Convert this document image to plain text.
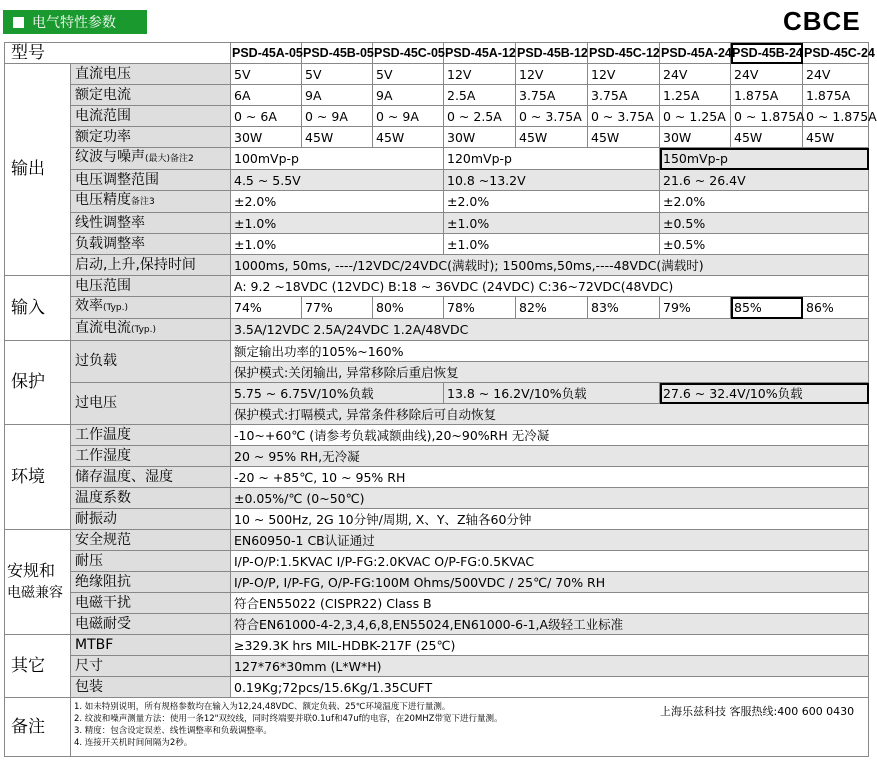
电气特性参数	CBCE
型号		PSD-45A-05	PSD-45B-05	PSD-45C-05	PSD-45A-12	PSD-45B-12	PSD-45C-12	PSD-45A-24	PSD-45B-24	PSD-45C-24
输出	直流电压	5V	5V	5V	12V	12V	12V	24V	24V	24V
	额定电流	6A	9A	9A	2.5A	3.75A	3.75A	1.25A	1.875A	1.875A
	电流范围	0 ~ 6A	0 ~ 9A	0 ~ 9A	0 ~ 2.5A	0 ~ 3.75A	0 ~ 3.75A	0 ~ 1.25A	0 ~ 1.875A	0 ~ 1.875A
	额定功率	30W	45W	45W	30W	45W	45W	30W	45W	45W
	纹波与噪声(最大)备注2	100mVp-p			120mVp-p			150mVp-p		
	电压调整范围	4.5 ~ 5.5V			10.8 ~13.2V			21.6 ~ 26.4V		
	电压精度备注3	±2.0%			±2.0%			±2.0%		
	线性调整率	±1.0%			±1.0%			±0.5%		
	负载调整率	±1.0%			±1.0%			±0.5%		
	启动,上升,保持时间	1000ms, 50ms, ----/12VDC/24VDC(满载时); 1500ms,50ms,----48VDC(满载时)								
输入	电压范围	A: 9.2 ~18VDC (12VDC) B:18 ~ 36VDC (24VDC) C:36~72VDC(48VDC)								
	效率(Typ.)	74%	77%	80%	78%	82%	83%	79%	85%	86%
	直流电流(Typ.)	3.5A/12VDC 2.5A/24VDC 1.2A/48VDC								
保护	过负载	额定输出功率的105%~160%								
		保护模式:关闭输出, 异常移除后重启恢复								
	过电压	5.75 ~ 6.75V/10%负载			13.8 ~ 16.2V/10%负载			27.6 ~ 32.4V/10%负载		
		保护模式:打嗝模式, 异常条件移除后可自动恢复								
环境	工作温度	-10~+60℃ (请参考负载减额曲线),20~90%RH 无冷凝								
	工作湿度	20 ~ 95% RH,无冷凝								
	储存温度、湿度	-20 ~ +85℃, 10 ~ 95% RH								
	温度系数	±0.05%/℃ (0~50℃)								
	耐振动	10 ~ 500Hz, 2G 10分钟/周期, X、Y、Z轴各60分钟								

安规和
电磁兼容	安全规范	EN60950-1 CB认证通过								
	耐压	I/P-O/P:1.5KVAC I/P-FG:2.0KVAC O/P-FG:0.5KVAC								
	绝缘阻抗	I/P-O/P, I/P-FG, O/P-FG:100M Ohms/500VDC / 25℃/ 70% RH								
	电磁干扰	符合EN55022 (CISPR22) Class B								
	电磁耐受	符合EN61000-4-2,3,4,6,8,EN55024,EN61000-6-1,A级轻工业标准								
其它	MTBF	≥329.3K hrs MIL-HDBK-217F (25℃)								
	尺寸	127*76*30mm (L*W*H)								
	包装	0.19Kg;72pcs/15.6Kg/1.35CUFT								
备注	1. 如未特别说明，所有规格参数均在输入为12,24,48VDC、额定负载、25℃环境温度下进行量测。
2. 纹波和噪声测量方法：使用一条12"双绞线，同时终端要并联0.1uf和47uf的电容，在20MHZ带宽下进行量测。
3. 精度：包含设定误差、线性调整率和负载调整率。
4. 连接开关机时间间隔为2秒。									
上海乐兹科技 客服热线:400 600 0430
